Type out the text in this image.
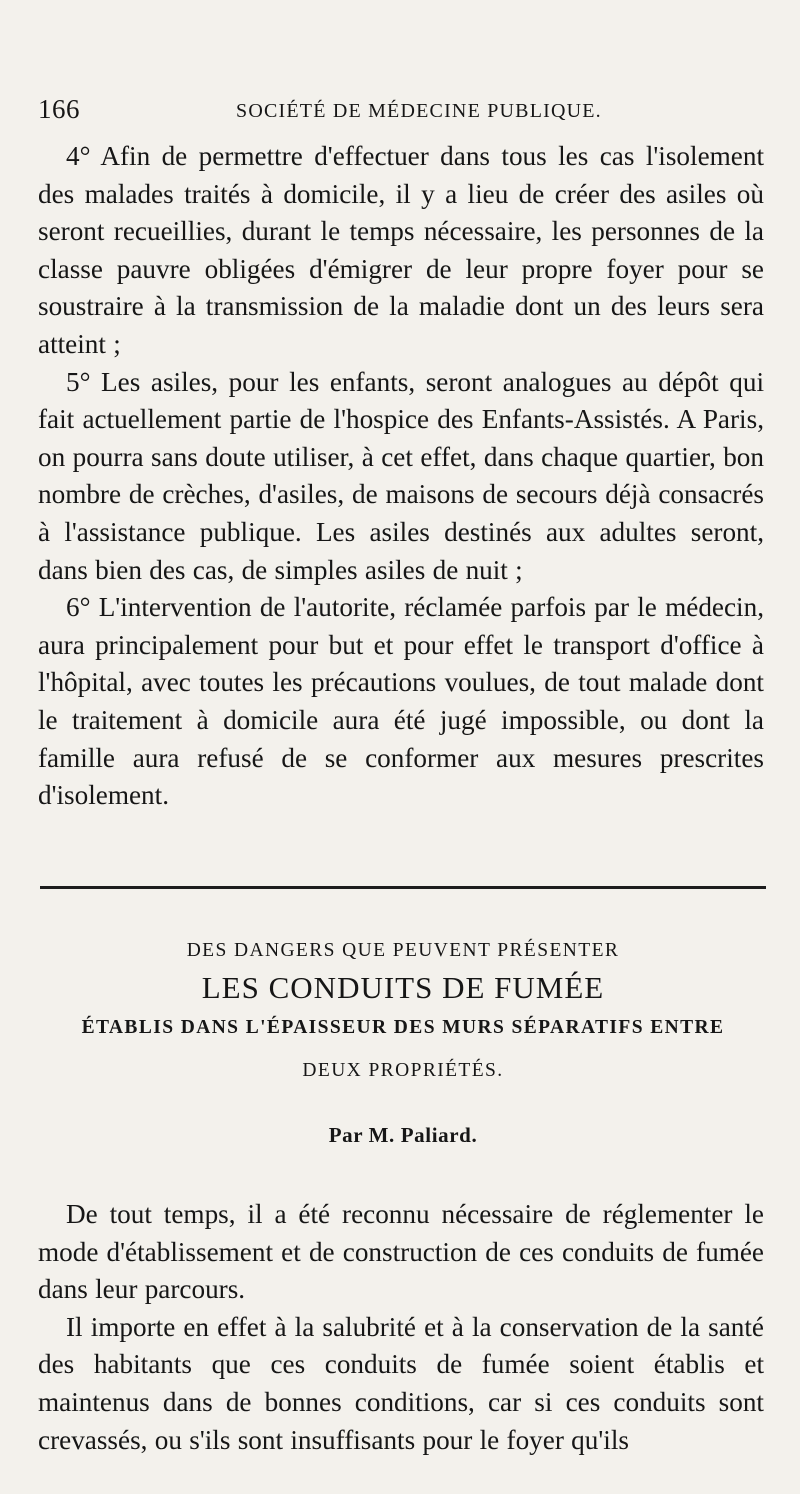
166	SOCIÉTÉ DE MÉDECINE PUBLIQUE.

4° Afin de permettre d'effectuer dans tous les cas l'isolement des malades traités à domicile, il y a lieu de créer des asiles où seront recueillies, durant le temps nécessaire, les personnes de la classe pauvre obligées d'émigrer de leur propre foyer pour se soustraire à la transmission de la maladie dont un des leurs sera atteint ;

5° Les asiles, pour les enfants, seront analogues au dépôt qui fait actuellement partie de l'hospice des Enfants-Assistés. A Paris, on pourra sans doute utiliser, à cet effet, dans chaque quartier, bon nombre de crèches, d'asiles, de maisons de secours déjà consacrés à l'assistance publique. Les asiles destinés aux adultes seront, dans bien des cas, de simples asiles de nuit ;

6° L'intervention de l'autorite, réclamée parfois par le médecin, aura principalement pour but et pour effet le transport d'office à l'hôpital, avec toutes les précautions voulues, de tout malade dont le traitement à domicile aura été jugé impossible, ou dont la famille aura refusé de se conformer aux mesures prescrites d'isolement.

DES DANGERS QUE PEUVENT PRÉSENTER
LES CONDUITS DE FUMÉE
ÉTABLIS DANS L'ÉPAISSEUR DES MURS SÉPARATIFS ENTRE
DEUX PROPRIÉTÉS.
Par M. Paliard.

De tout temps, il a été reconnu nécessaire de réglementer le mode d'établissement et de construction de ces conduits de fumée dans leur parcours.

Il importe en effet à la salubrité et à la conservation de la santé des habitants que ces conduits de fumée soient établis et maintenus dans de bonnes conditions, car si ces conduits sont crevassés, ou s'ils sont insuffisants pour le foyer qu'ils
